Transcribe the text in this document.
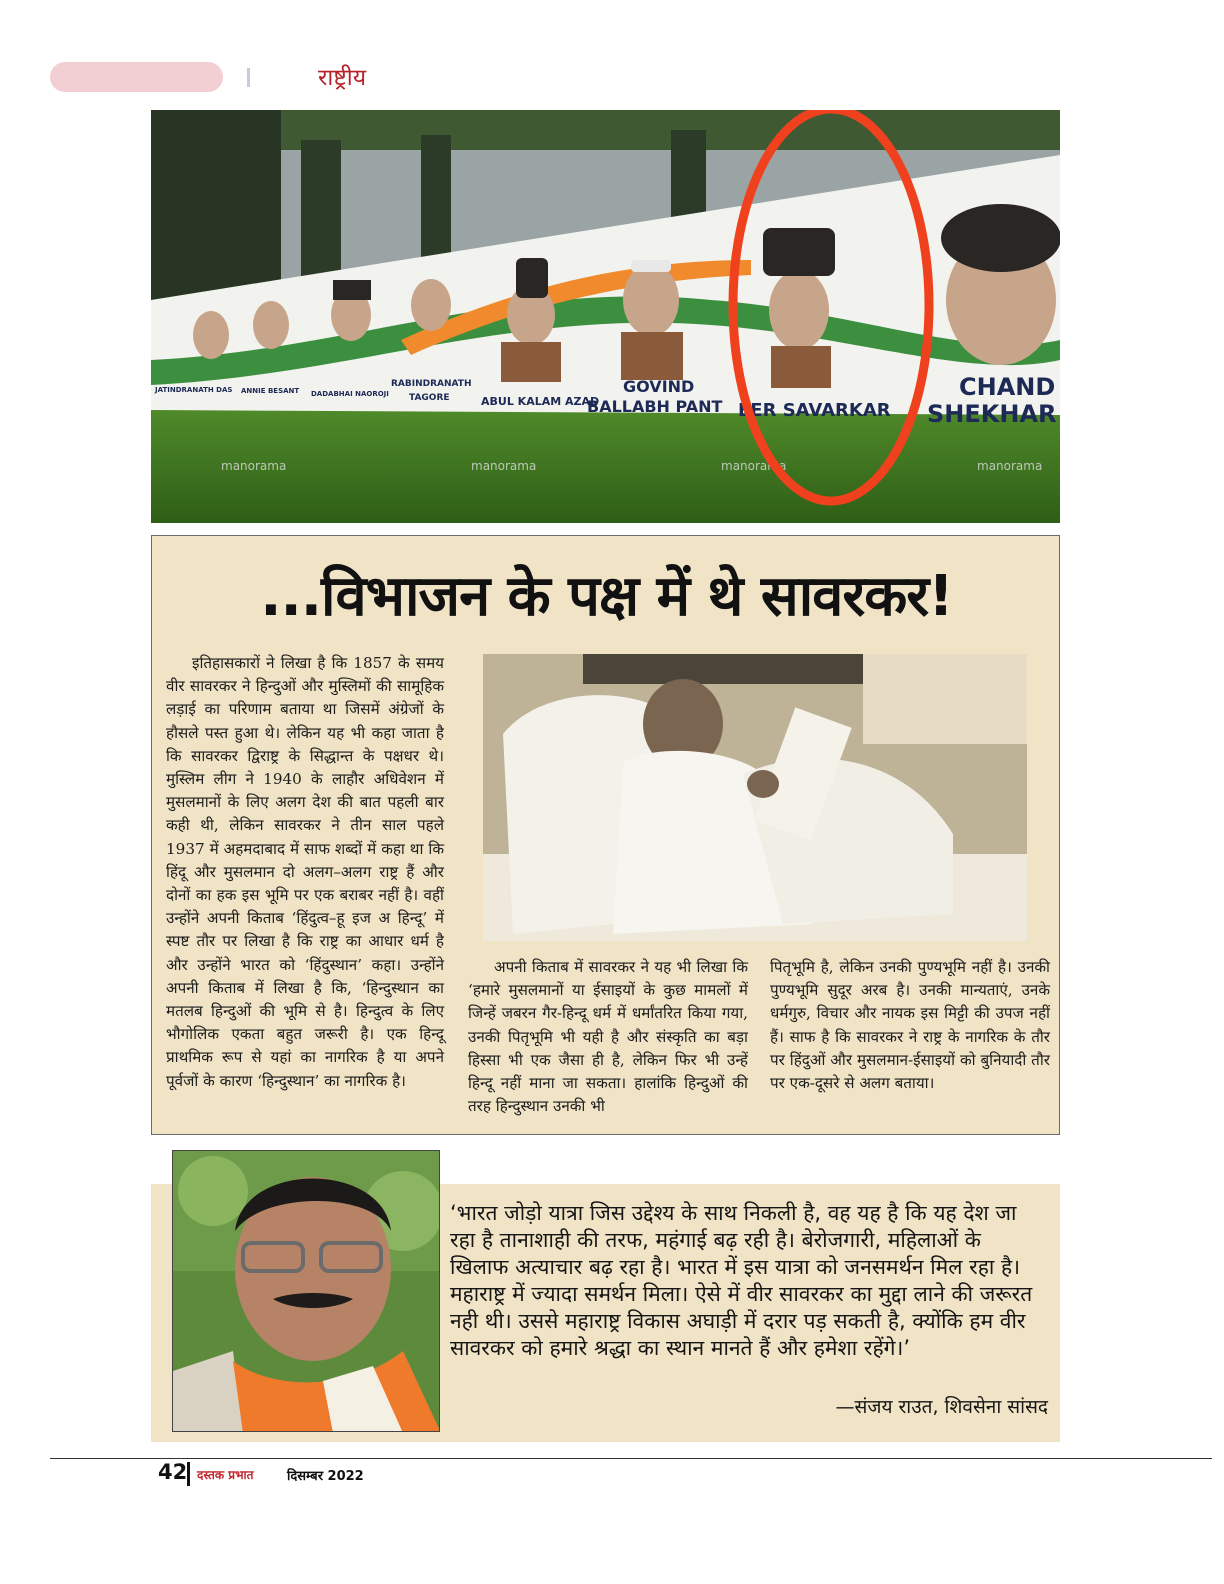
राष्ट्रीय
CHAND
SHEKHAR
EER SAVARKAR
GOVIND
BALLABH PANT
ABUL KALAM AZAD
RABINDRANATH
TAGORE
DADABHAI NAOROJI
ANNIE BESANT
JATINDRANATH DAS
manorama	manorama	manorama	manorama
...विभाजन के पक्ष में थे सावरकर!

इतिहासकारों ने लिखा है कि 1857 के समय वीर सावरकर ने हिन्दुओं और मुस्लिमों की सामूहिक लड़ाई का परिणाम बताया था जिसमें अंग्रेजों के हौसले पस्त हुआ थे। लेकिन यह भी कहा जाता है कि सावरकर द्विराष्ट्र के सिद्धान्त के पक्षधर थे। मुस्लिम लीग ने 1940 के लाहौर अधिवेशन में मुसलमानों के लिए अलग देश की बात पहली बार कही थी, लेकिन सावरकर ने तीन साल पहले 1937 में अहमदाबाद में साफ शब्दों में कहा था कि हिंदू और मुसलमान दो अलग–अलग राष्ट्र हैं और दोनों का हक इस भूमि पर एक बराबर नहीं है। वहीं उन्होंने अपनी किताब ‘हिंदुत्व–हू इज अ हिन्दू’ में स्पष्ट तौर पर लिखा है कि राष्ट्र का आधार धर्म है और उन्होंने भारत को ‘हिंदुस्थान’ कहा। उन्होंने अपनी किताब में लिखा है कि, ‘हिन्दुस्थान का मतलब हिन्दुओं की भूमि से है। हिन्दुत्व के लिए भौगोलिक एकता बहुत जरूरी है। एक हिन्दू प्राथमिक रूप से यहां का नागरिक है या अपने पूर्वजों के कारण ‘हिन्दुस्थान’ का नागरिक है।

अपनी किताब में सावरकर ने यह भी लिखा कि ‘हमारे मुसलमानों या ईसाइयों के कुछ मामलों में जिन्हें जबरन गैर-हिन्दू धर्म में धर्मांतरित किया गया, उनकी पितृभूमि भी यही है और संस्कृति का बड़ा हिस्सा भी एक जैसा ही है, लेकिन फिर भी उन्हें हिन्दू नहीं माना जा सकता। हालांकि हिन्दुओं की तरह हिन्दुस्थान उनकी भी

पितृभूमि है, लेकिन उनकी पुण्यभूमि नहीं है। उनकी पुण्यभूमि सुदूर अरब है। उनकी मान्यताएं, उनके धर्मगुरु, विचार और नायक इस मिट्टी की उपज नहीं हैं। साफ है कि सावरकर ने राष्ट्र के नागरिक के तौर पर हिंदुओं और मुसलमान-ईसाइयों को बुनियादी तौर पर एक-दूसरे से अलग बताया।

‘भारत जोड़ो यात्रा जिस उद्देश्य के साथ निकली है, वह यह है कि यह देश जा रहा है तानाशाही की तरफ, महंगाई बढ़ रही है। बेरोजगारी, महिलाओं के खिलाफ अत्याचार बढ़ रहा है। भारत में इस यात्रा को जनसमर्थन मिल रहा है। महाराष्ट्र में ज्यादा समर्थन मिला। ऐसे में वीर सावरकर का मुद्दा लाने की जरूरत नही थी। उससे महाराष्ट्र विकास अघाड़ी में दरार पड़ सकती है, क्योंकि हम वीर सावरकर को हमारे श्रद्धा का स्थान मानते हैं और हमेशा रहेंगे।’
—संजय राउत, शिवसेना सांसद
42 दस्तक प्रभात	दिसम्बर 2022
